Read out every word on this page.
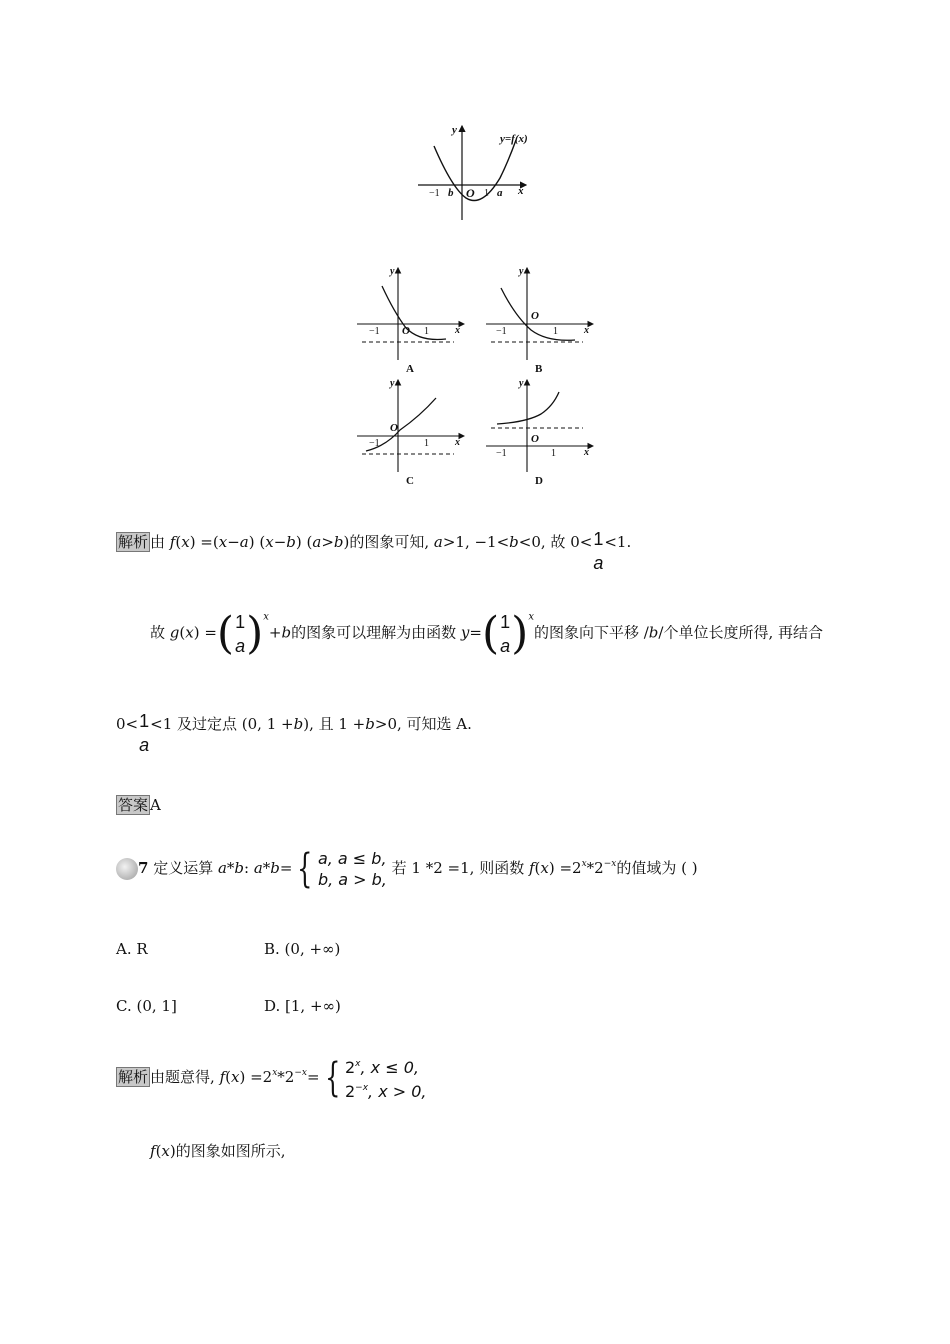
y
y=f(x)
−1 b O 1 a x
y
O
−1	1	x
A
y
O
−1	1	x
B
y
O
−1	1	x
C
y
O
−1	1	x
D
解析 由 f(x) =(x−a) (x−b) (a>b)的图象可知, a>1, −1<b<0, 故 0< 1
a
<1.
故 g(x) =( 1
a )$^x$+b的图象可以理解为由函数 y=( 1
a )$^x$的图象向下平移 /b/个单位长度所得, 再结合
0< 1
a
<1 及过定点 (0, 1 +b), 且 1 +b>0, 可知选 A.
答案 A
7 定义运算 a*b: a*b= { a, a ≤ b,
b, a > b,
若 1 *2 =1, 则函数 $f(x) =2^x*2^{-x}$的值域为 ( )
A. R	B. (0, +∞)
C. (0, 1]	D. [1, +∞)
解析 由题意得, $f(x) =2^x*2^{-x}=$ { 2$^x$, x ≤ 0,
$2^{-x}$, x > 0,
f(x)的图象如图所示,
